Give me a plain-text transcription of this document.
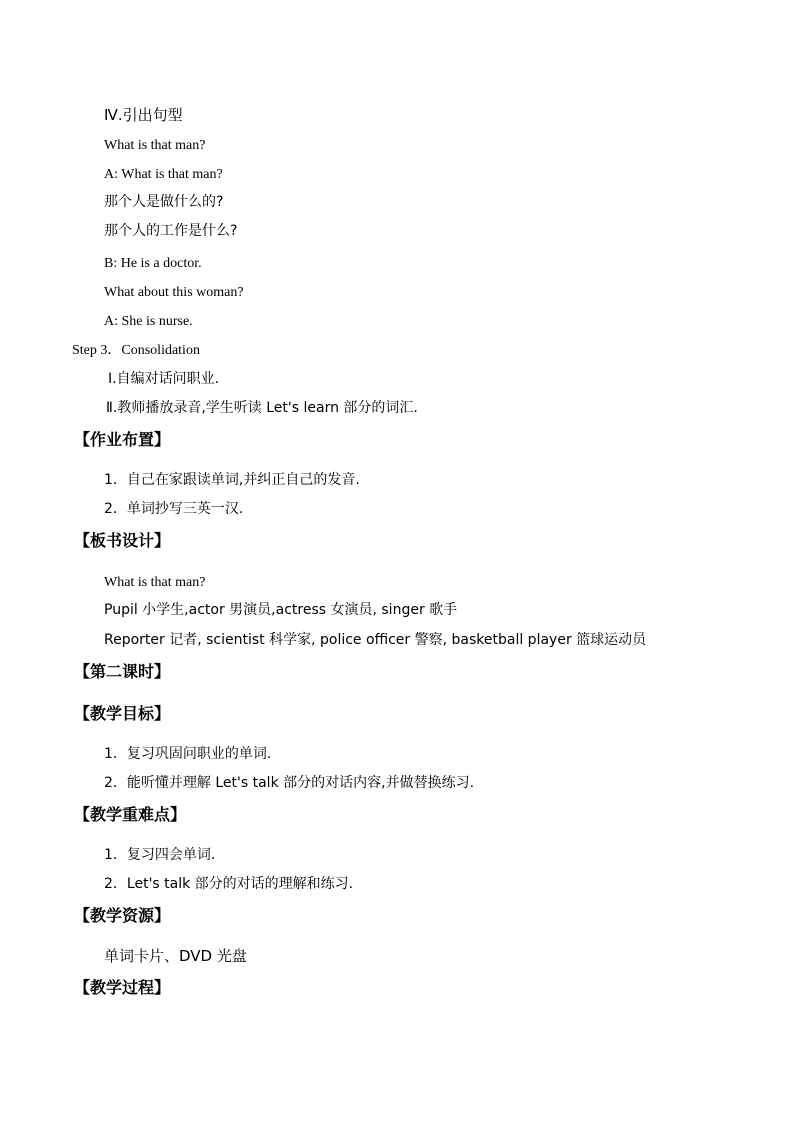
Ⅳ.引出句型
What is that man?
A: What is that man?
那个人是做什么的?
那个人的工作是什么?
B: He is a doctor.
What about this woman?
A: She is nurse.
Step 3．Consolidation
Ⅰ.自编对话问职业.
Ⅱ.教师播放录音,学生听读 Let's learn 部分的词汇.
【作业布置】
1．自己在家跟读单词,并纠正自己的发音.
2．单词抄写三英一汉.
【板书设计】
What is that man?
Pupil 小学生,actor 男演员,actress 女演员, singer 歌手
Reporter 记者, scientist 科学家, police officer 警察, basketball player 篮球运动员
【第二课时】
【教学目标】
1．复习巩固问职业的单词.
2．能听懂并理解 Let's talk 部分的对话内容,并做替换练习.
【教学重难点】
1．复习四会单词.
2．Let's talk 部分的对话的理解和练习.
【教学资源】
单词卡片、DVD 光盘
【教学过程】
